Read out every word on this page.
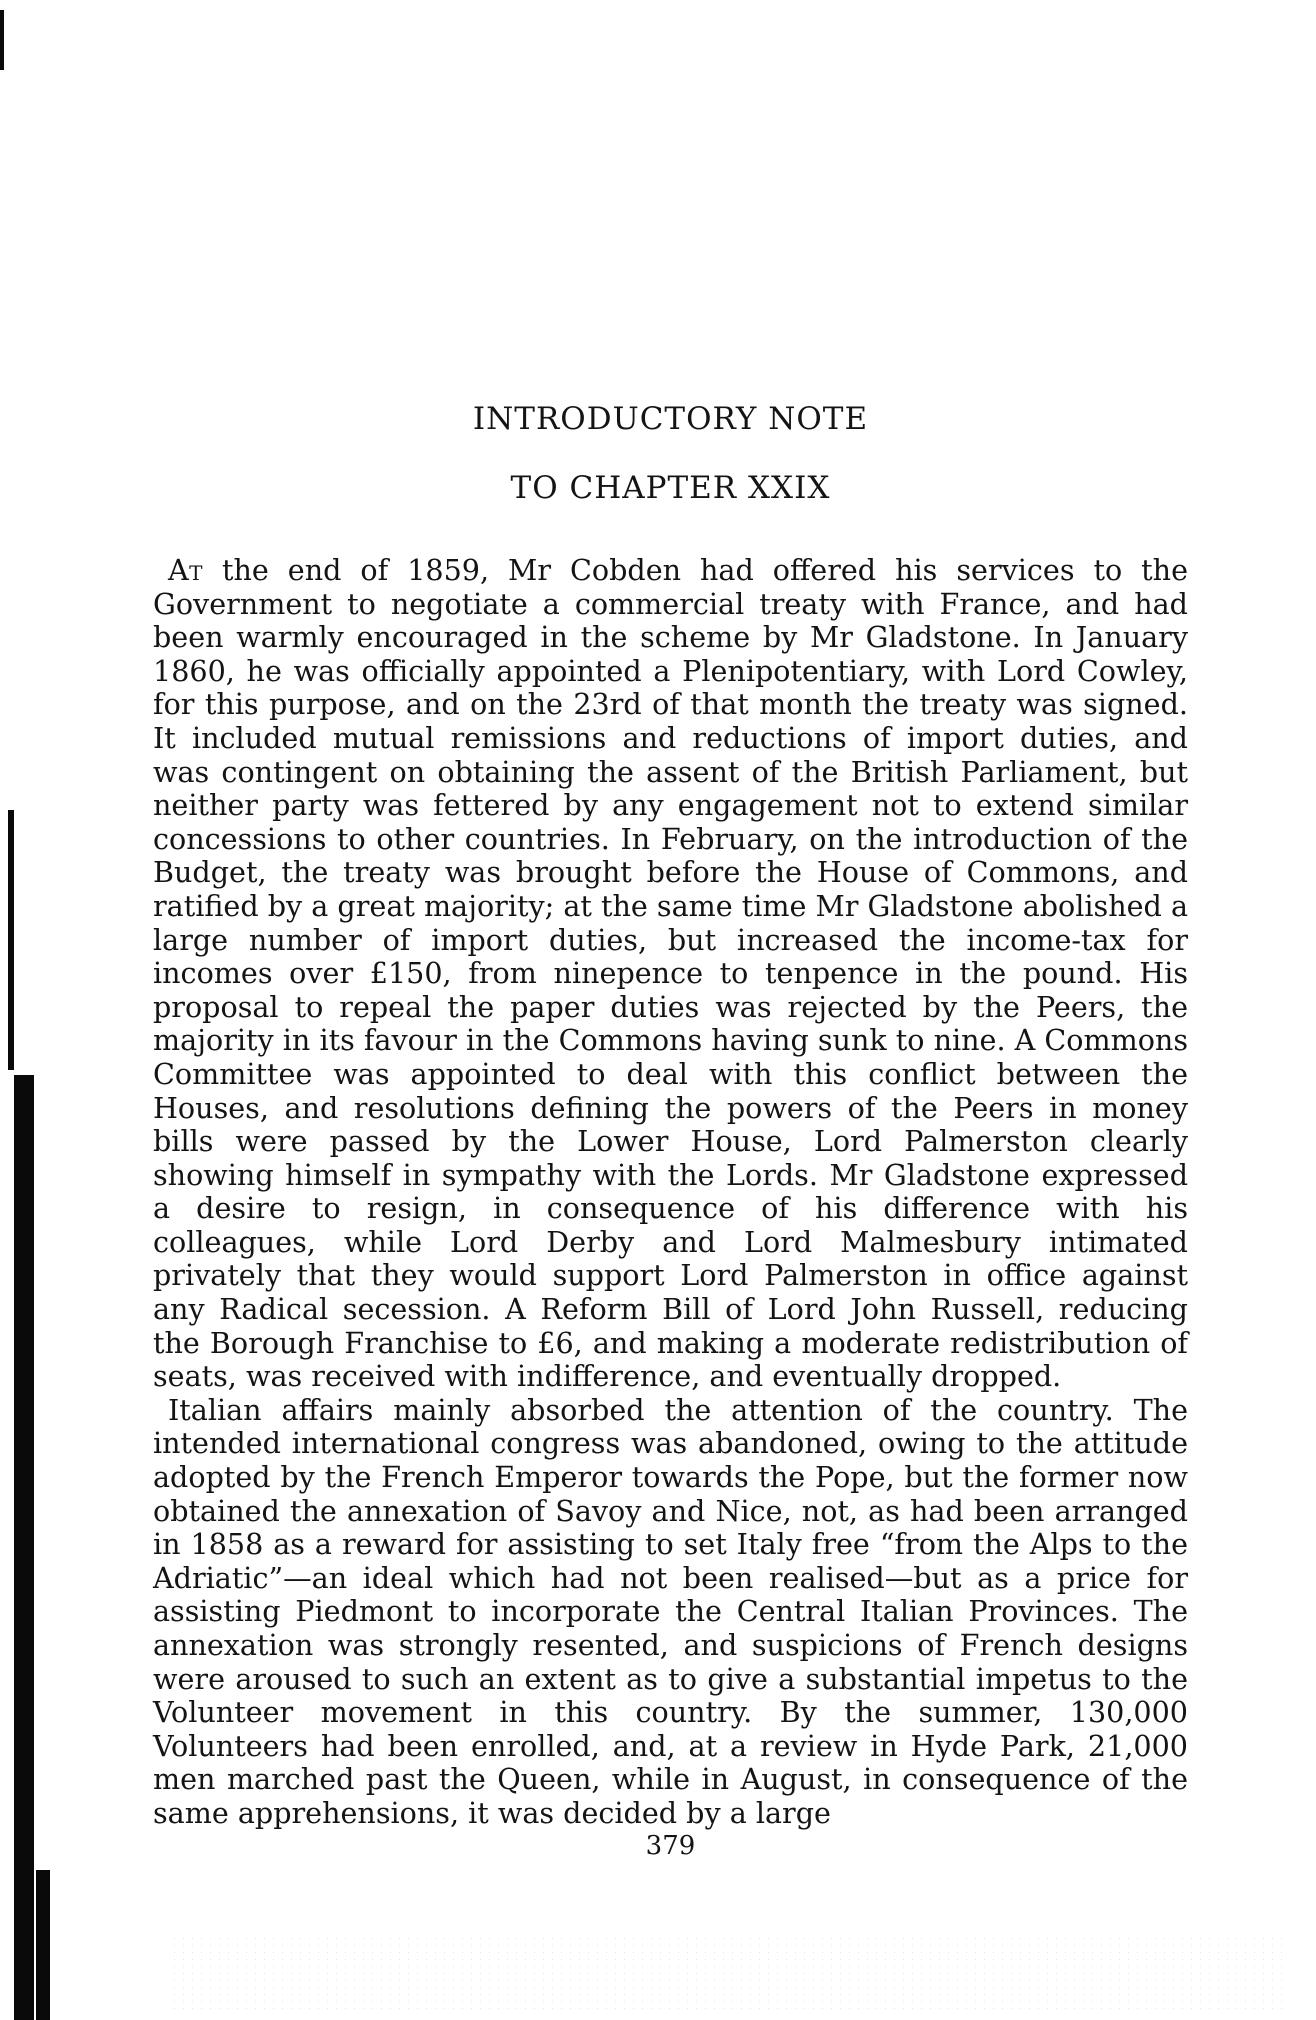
INTRODUCTORY NOTE
TO CHAPTER XXIX

At the end of 1859, Mr Cobden had offered his services to the Government to negotiate a commercial treaty with France, and had been warmly encouraged in the scheme by Mr Gladstone. In January 1860, he was officially appointed a Plenipotentiary, with Lord Cowley, for this purpose, and on the 23rd of that month the treaty was signed. It included mutual remissions and reductions of import duties, and was contingent on obtaining the assent of the British Parliament, but neither party was fettered by any engagement not to extend similar concessions to other countries. In February, on the introduction of the Budget, the treaty was brought before the House of Commons, and ratified by a great majority; at the same time Mr Gladstone abolished a large number of import duties, but increased the income-tax for incomes over £150, from ninepence to tenpence in the pound. His proposal to repeal the paper duties was rejected by the Peers, the majority in its favour in the Commons having sunk to nine. A Commons Committee was appointed to deal with this conflict between the Houses, and resolutions defining the powers of the Peers in money bills were passed by the Lower House, Lord Palmerston clearly showing himself in sympathy with the Lords. Mr Gladstone expressed a desire to resign, in consequence of his difference with his colleagues, while Lord Derby and Lord Malmesbury intimated privately that they would support Lord Palmerston in office against any Radical secession. A Reform Bill of Lord John Russell, reducing the Borough Franchise to £6, and making a moderate redistribution of seats, was received with indifference, and eventually dropped.

Italian affairs mainly absorbed the attention of the country. The intended international congress was abandoned, owing to the attitude adopted by the French Emperor towards the Pope, but the former now obtained the annexation of Savoy and Nice, not, as had been arranged in 1858 as a reward for assisting to set Italy free “from the Alps to the Adriatic”—an ideal which had not been realised—but as a price for assisting Piedmont to incorporate the Central Italian Provinces. The annexation was strongly resented, and suspicions of French designs were aroused to such an extent as to give a substantial impetus to the Volunteer movement in this country. By the summer, 130,000 Volunteers had been enrolled, and, at a review in Hyde Park, 21,000 men marched past the Queen, while in August, in consequence of the same apprehensions, it was decided by a large

379
